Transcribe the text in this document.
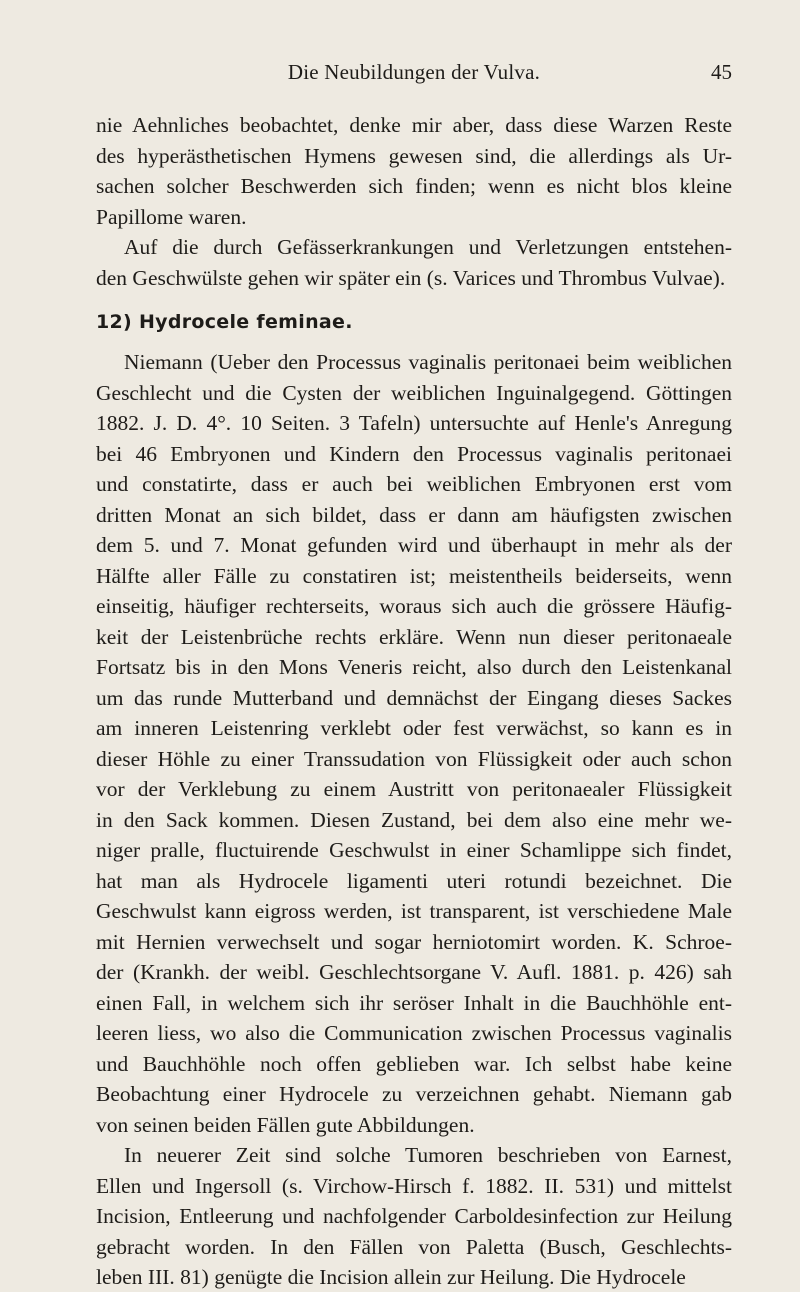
Die Neubildungen der Vulva.	45
nie Aehnliches beobachtet, denke mir aber, dass diese Warzen Reste
des hyperästhetischen Hymens gewesen sind, die allerdings als Ur-
sachen solcher Beschwerden sich finden; wenn es nicht blos kleine
Papillome waren.
Auf die durch Gefässerkrankungen und Verletzungen entstehen-
den Geschwülste gehen wir später ein (s. Varices und Thrombus Vulvae).
12) Hydrocele feminae.
Niemann (Ueber den Processus vaginalis peritonaei beim weiblichen
Geschlecht und die Cysten der weiblichen Inguinalgegend. Göttingen
1882. J. D. 4°. 10 Seiten. 3 Tafeln) untersuchte auf Henle's Anregung
bei 46 Embryonen und Kindern den Processus vaginalis peritonaei
und constatirte, dass er auch bei weiblichen Embryonen erst vom
dritten Monat an sich bildet, dass er dann am häufigsten zwischen
dem 5. und 7. Monat gefunden wird und überhaupt in mehr als der
Hälfte aller Fälle zu constatiren ist; meistentheils beiderseits, wenn
einseitig, häufiger rechterseits, woraus sich auch die grössere Häufig-
keit der Leistenbrüche rechts erkläre. Wenn nun dieser peritonaeale
Fortsatz bis in den Mons Veneris reicht, also durch den Leistenkanal
um das runde Mutterband und demnächst der Eingang dieses Sackes
am inneren Leistenring verklebt oder fest verwächst, so kann es in
dieser Höhle zu einer Transsudation von Flüssigkeit oder auch schon
vor der Verklebung zu einem Austritt von peritonaealer Flüssigkeit
in den Sack kommen. Diesen Zustand, bei dem also eine mehr we-
niger pralle, fluctuirende Geschwulst in einer Schamlippe sich findet,
hat man als Hydrocele ligamenti uteri rotundi bezeichnet. Die
Geschwulst kann eigross werden, ist transparent, ist verschiedene Male
mit Hernien verwechselt und sogar herniotomirt worden. K. Schroe-
der (Krankh. der weibl. Geschlechtsorgane V. Aufl. 1881. p. 426) sah
einen Fall, in welchem sich ihr seröser Inhalt in die Bauchhöhle ent-
leeren liess, wo also die Communication zwischen Processus vaginalis
und Bauchhöhle noch offen geblieben war. Ich selbst habe keine
Beobachtung einer Hydrocele zu verzeichnen gehabt. Niemann gab
von seinen beiden Fällen gute Abbildungen.
In neuerer Zeit sind solche Tumoren beschrieben von Earnest,
Ellen und Ingersoll (s. Virchow-Hirsch f. 1882. II. 531) und mittelst
Incision, Entleerung und nachfolgender Carboldesinfection zur Heilung
gebracht worden. In den Fällen von Paletta (Busch, Geschlechts-
leben III. 81) genügte die Incision allein zur Heilung. Die Hydrocele
